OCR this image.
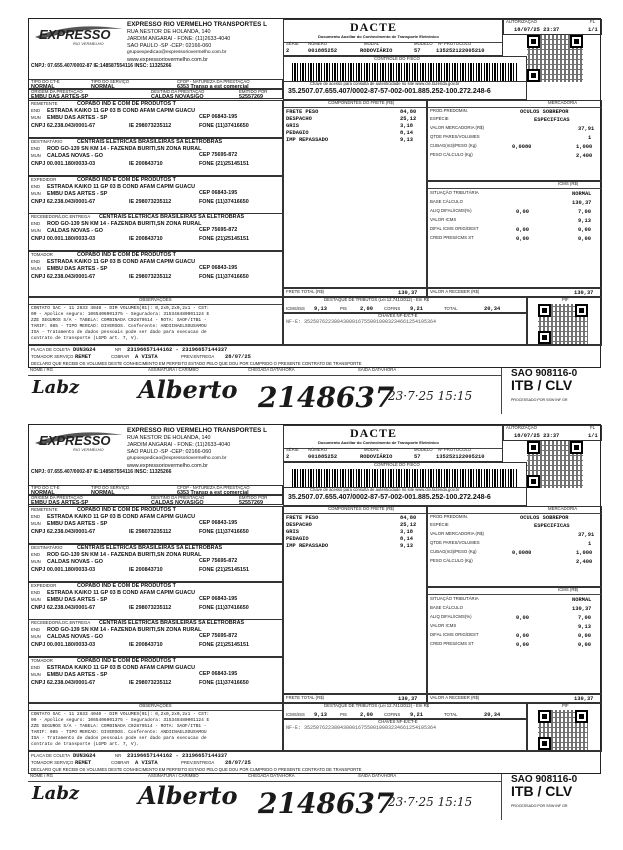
EXPRESSO
RIO VERMELHO
EXPRESSO RIO VERMELHO TRANSPORTES L
RUA NESTOR DE HOLANDA, 140
JARDIM ANGARAI - FONE: (11)2633-4040
SAO PAULO -SP -CEP: 02166-060
grupoexpedicao@expressoriovermelho.com.br
www.expressoriovermelho.com.br
CNPJ: 07.655.407/0002-87 IE:148587554116 INSC: 11325266
DACTE
Documento Auxiliar do Conhecimento de Transporte Eletrônico
SÉRIE
2
NÚMERO
001885252
MODAL
RODOVIÁRIO
MODELO
57
Nº PROTOCOLO
135252122005210
AUTORIZAÇÃO	FL
18/07/25 23:37	1/1
TIPO DO CT-E
NORMAL
TIPO DO SERVIÇO
NORMAL
CFOP - NATUREZA DA PRESTAÇÃO
6353 Transp a est comercial
ORIGEM DA PRESTAÇÃO
EMBU DAS ARTES-SP
DESTINO DA PRESTAÇÃO
CALDAS NOVAS/GO
EMITIDO POR
52557269
CONTROLE DO FISCO
Chave de acesso para consulta de autenticidade no site www.cte.fazenda.gov.br
35.2507.07.655.407/0002-87-57-002-001.885.252-100.272.248-6
REMETENTE	COPABO IND E COM DE PRODUTOS T
END ESTRADA KAIKO 11 GP 03 B COND AFAM CAPIM GUACU
CEP 06843-195
MUN EMBU DAS ARTES - SP
CNPJ 62.238.043/0001-67	IE 298073235112	FONE (11)37416650
DESTINATÁRIO	CENTRAIS ELETRICAS BRASILEIRAS SA ELETROBRAS
END ROD GO-139 SN KM 14 - FAZENDA BURITI,SN ZONA RURAL
CEP 75695-872
MUN CALDAS NOVAS - GO
CNPJ 00.001.180/0033-03	IE 200843710	FONE (21)25145151
EXPEDIDOR	COPABO IND E COM DE PRODUTOS T
END ESTRADA KAIKO 11 GP 03 B COND AFAM CAPIM GUACU
CEP 06843-195
MUN EMBU DAS ARTES - SP
CNPJ 62.238.043/0001-67	IE 298073235112	FONE (11)37416650
RECEBEDOR/LOC.ENTREGA CENTRAIS ELETRICAS BRASILEIRAS SA ELETROBRAS
END ROD GO-139 SN KM 14 - FAZENDA BURITI,SN ZONA RURAL
CEP 75695-872
MUN CALDAS NOVAS - GO
CNPJ 00.001.180/0033-03	IE 200843710	FONE (21)25145151
TOMADOR	COPABO IND E COM DE PRODUTOS T
END ESTRADA KAIKO 11 GP 03 B COND AFAM CAPIM GUACU
CEP 06843-195
MUN EMBU DAS ARTES - SP
CNPJ 62.238.043/0001-67	IE 298073235112	FONE (11)37416650
COMPONENTES DO FRETE (R$)
FRETE PESO	84,80
DESPACHO	25,12
GRIS	3,18
PEDAGIO	8,14
IMP REPASSADO	9,13
FRETE TOTAL (R$)	130,37
MERCADORIA
PROD.PREDOMIN.	OCULOS SOBREPOR
ESPÉCIE	ESPECIFICAS
VALOR MERCADORIA (R$)	37,91
QTDE PARES/VOLUMES	1
CUBAG(m3)/PESO (Kg)	0,0080	1,000
PESO CÁLCULO (Kg)	2,400
ICMS (R$)
SITUAÇÃO TRIBUTÁRIA	NORMAL
BASE CÁLCULO	130,37
ALIQ DIFAL/ICMS(%)	0,00	7,00
VALOR ICMS	9,13
DIFAL ICMS ORIG/DEST	0,00	0,00
CRED PRES/ICMS ST	0,00	0,00
VALOR A RECEBER (R$)	130,37
OBSERVAÇÕES
CONTATO SAC - 11 2633 4040 - DIM VOLUMES(01): 0,2x0,2x0,2x1 - CST:
00 - Apolice seguro: 1065406001375 - Seguradora: 315348480001124 E
ZZE SEGUROS S/A - TABELA: COMBINADA C02879514 - ROTA: SAOF/ITB1 -
TARIF: 085 - TIPO MERCAD: DIVERSOS. Conferente: ANDIINAELSOUSAMOU
ISA - Tratamento de dados pessoais pode ser dado para execucao de
contrato de transporte (LGPD art. 7, V).
DESTAQUE DE TRIBUTOS (Lei 12.741/2012) - Em R$
ICMS/ISS 9,13	PIS 2,00	COFINS 9,21	TOTAL	20,34
CHAVES NF-E/CT-E
NF-E: 35250762238043000167550010003234661254105364
PIF
PLACA DE COLETA DUN3G24	NR 23196657144162 - 23196657144337
TOMADOR SERVIÇO REMET	COBRAR A VISTA	PREV.ENTREGA 28/07/25
DECLARO QUE RECEBI OS VOLUMES DESTE CONHECIMENTO EM PERFEITO ESTADO PELO QUE DOU POR CUMPRIDO O PRESENTE CONTRATO DE TRANSPORTE
EXPRESSO
RIO VERMELHO
EXPRESSO RIO VERMELHO TRANSPORTES L
RUA NESTOR DE HOLANDA, 140
JARDIM ANGARAI - FONE: (11)2633-4040
SAO PAULO -SP -CEP: 02166-060
grupoexpedicao@expressoriovermelho.com.br
www.expressoriovermelho.com.br
CNPJ: 07.655.407/0002-87 IE:148587554116 INSC: 11325266
DACTE
Documento Auxiliar do Conhecimento de Transporte Eletrônico
SÉRIE
2
NÚMERO
001885252
MODAL
RODOVIÁRIO
MODELO
57
Nº PROTOCOLO
135252122005210
AUTORIZAÇÃO	FL
18/07/25 23:37	1/1
TIPO DO CT-E
NORMAL
TIPO DO SERVIÇO
NORMAL
CFOP - NATUREZA DA PRESTAÇÃO
6353 Transp a est comercial
ORIGEM DA PRESTAÇÃO
EMBU DAS ARTES-SP
DESTINO DA PRESTAÇÃO
CALDAS NOVAS/GO
EMITIDO POR
52557269
CONTROLE DO FISCO
Chave de acesso para consulta de autenticidade no site www.cte.fazenda.gov.br
35.2507.07.655.407/0002-87-57-002-001.885.252-100.272.248-6
REMETENTE	COPABO IND E COM DE PRODUTOS T
END ESTRADA KAIKO 11 GP 03 B COND AFAM CAPIM GUACU
CEP 06843-195
MUN EMBU DAS ARTES - SP
CNPJ 62.238.043/0001-67	IE 298073235112	FONE (11)37416650
DESTINATÁRIO	CENTRAIS ELETRICAS BRASILEIRAS SA ELETROBRAS
END ROD GO-139 SN KM 14 - FAZENDA BURITI,SN ZONA RURAL
CEP 75695-872
MUN CALDAS NOVAS - GO
CNPJ 00.001.180/0033-03	IE 200843710	FONE (21)25145151
EXPEDIDOR	COPABO IND E COM DE PRODUTOS T
END ESTRADA KAIKO 11 GP 03 B COND AFAM CAPIM GUACU
CEP 06843-195
MUN EMBU DAS ARTES - SP
CNPJ 62.238.043/0001-67	IE 298073235112	FONE (11)37416650
RECEBEDOR/LOC.ENTREGA CENTRAIS ELETRICAS BRASILEIRAS SA ELETROBRAS
END ROD GO-139 SN KM 14 - FAZENDA BURITI,SN ZONA RURAL
CEP 75695-872
MUN CALDAS NOVAS - GO
CNPJ 00.001.180/0033-03	IE 200843710	FONE (21)25145151
TOMADOR	COPABO IND E COM DE PRODUTOS T
END ESTRADA KAIKO 11 GP 03 B COND AFAM CAPIM GUACU
CEP 06843-195
MUN EMBU DAS ARTES - SP
CNPJ 62.238.043/0001-67	IE 298073235112	FONE (11)37416650
COMPONENTES DO FRETE (R$)
FRETE PESO	84,80
DESPACHO	25,12
GRIS	3,18
PEDAGIO	8,14
IMP REPASSADO	9,13
FRETE TOTAL (R$)	130,37
MERCADORIA
PROD.PREDOMIN.	OCULOS SOBREPOR
ESPÉCIE	ESPECIFICAS
VALOR MERCADORIA (R$)	37,91
QTDE PARES/VOLUMES	1
CUBAG(m3)/PESO (Kg)	0,0080	1,000
PESO CÁLCULO (Kg)	2,400
ICMS (R$)
SITUAÇÃO TRIBUTÁRIA	NORMAL
BASE CÁLCULO	130,37
ALIQ DIFAL/ICMS(%)	0,00	7,00
VALOR ICMS	9,13
DIFAL ICMS ORIG/DEST	0,00	0,00
CRED PRES/ICMS ST	0,00	0,00
VALOR A RECEBER (R$)	130,37
OBSERVAÇÕES
CONTATO SAC - 11 2633 4040 - DIM VOLUMES(01): 0,2x0,2x0,2x1 - CST:
00 - Apolice seguro: 1065406001375 - Seguradora: 315348480001124 E
ZZE SEGUROS S/A - TABELA: COMBINADA C02879514 - ROTA: SAOF/ITB1 -
TARIF: 085 - TIPO MERCAD: DIVERSOS. Conferente: ANDIINAELSOUSAMOU
ISA - Tratamento de dados pessoais pode ser dado para execucao de
contrato de transporte (LGPD art. 7, V).
DESTAQUE DE TRIBUTOS (Lei 12.741/2012) - Em R$
ICMS/ISS 9,13	PIS 2,00	COFINS 9,21	TOTAL	20,34
CHAVES NF-E/CT-E
NF-E: 35250762238043000167550010003234661254105364
PIF
PLACA DE COLETA DUN3G24	NR 23196657144162 - 23196657144337
TOMADOR SERVIÇO REMET	COBRAR A VISTA	PREV.ENTREGA 28/07/25
DECLARO QUE RECEBI OS VOLUMES DESTE CONHECIMENTO EM PERFEITO ESTADO PELO QUE DOU POR CUMPRIDO O PRESENTE CONTRATO DE TRANSPORTE
NOME / RG	ASSINATURA / CARIMBO	CHEGADA DATA/HORA	SAÍDA DATA/HORA	SAO 908116-0
ITB / CLV
PROCESSADO POR SSW INF GR
Labz Alberto 2148637
23·7·25 15:15
NOME / RG	ASSINATURA / CARIMBO	CHEGADA DATA/HORA	SAÍDA DATA/HORA	SAO 908116-0
ITB / CLV
PROCESSADO POR SSW INF GR
Labz Alberto 2148637
23·7·25 15:15
